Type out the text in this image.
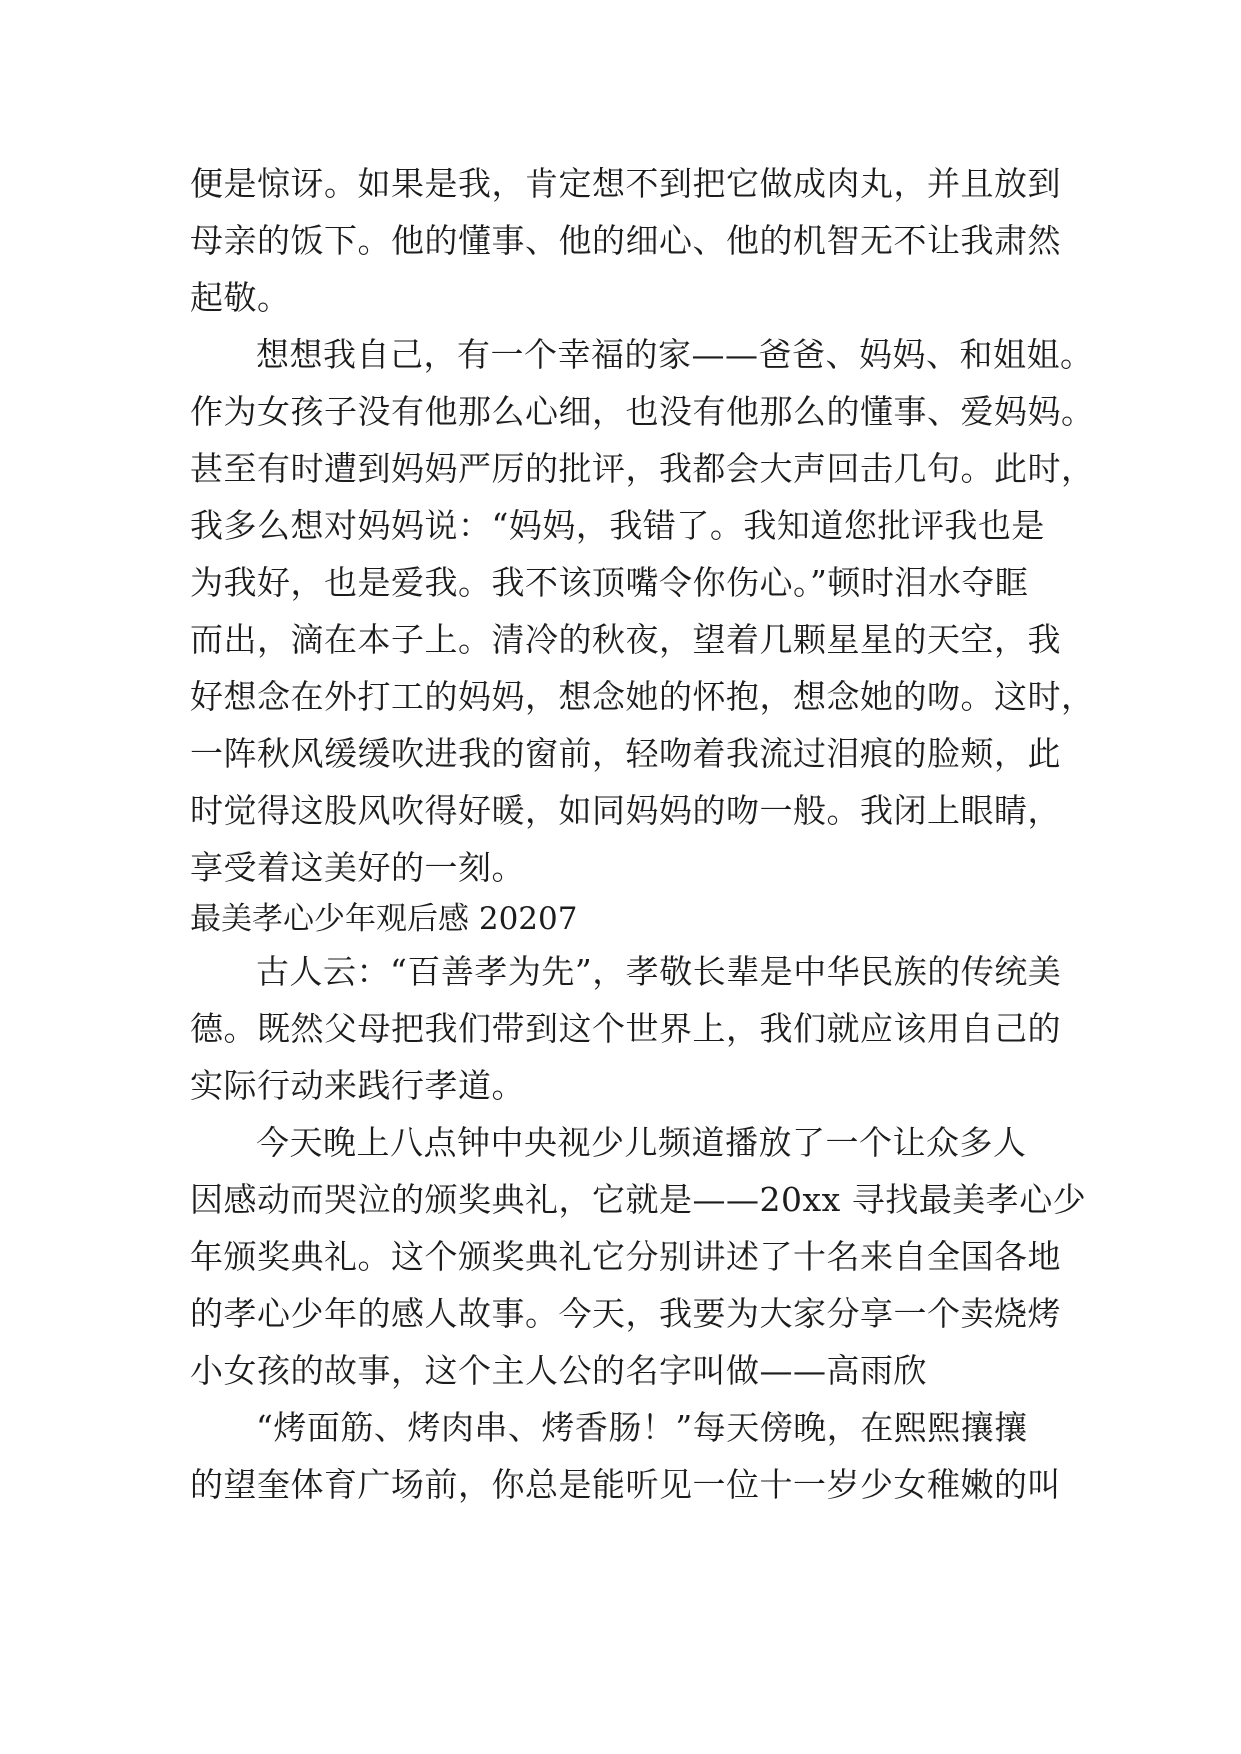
便是惊讶。如果是我，肯定想不到把它做成肉丸，并且放到
母亲的饭下。他的懂事、他的细心、他的机智无不让我肃然
起敬。
想想我自己，有一个幸福的家——爸爸、妈妈、和姐姐。
作为女孩子没有他那么心细，也没有他那么的懂事、爱妈妈。
甚至有时遭到妈妈严厉的批评，我都会大声回击几句。此时，
我多么想对妈妈说：“妈妈，我错了。我知道您批评我也是
为我好，也是爱我。我不该顶嘴令你伤心。”顿时泪水夺眶
而出，滴在本子上。清冷的秋夜，望着几颗星星的天空，我
好想念在外打工的妈妈，想念她的怀抱，想念她的吻。这时，
一阵秋风缓缓吹进我的窗前，轻吻着我流过泪痕的脸颊，此
时觉得这股风吹得好暖，如同妈妈的吻一般。我闭上眼睛，
享受着这美好的一刻。
最美孝心少年观后感 20207
古人云：“百善孝为先”，孝敬长辈是中华民族的传统美
德。既然父母把我们带到这个世界上，我们就应该用自己的
实际行动来践行孝道。
今天晚上八点钟中央视少儿频道播放了一个让众多人
因感动而哭泣的颁奖典礼，它就是——20xx 寻找最美孝心少
年颁奖典礼。这个颁奖典礼它分别讲述了十名来自全国各地
的孝心少年的感人故事。今天，我要为大家分享一个卖烧烤
小女孩的故事，这个主人公的名字叫做——高雨欣
“烤面筋、烤肉串、烤香肠！”每天傍晚，在熙熙攘攘
的望奎体育广场前，你总是能听见一位十一岁少女稚嫩的叫
